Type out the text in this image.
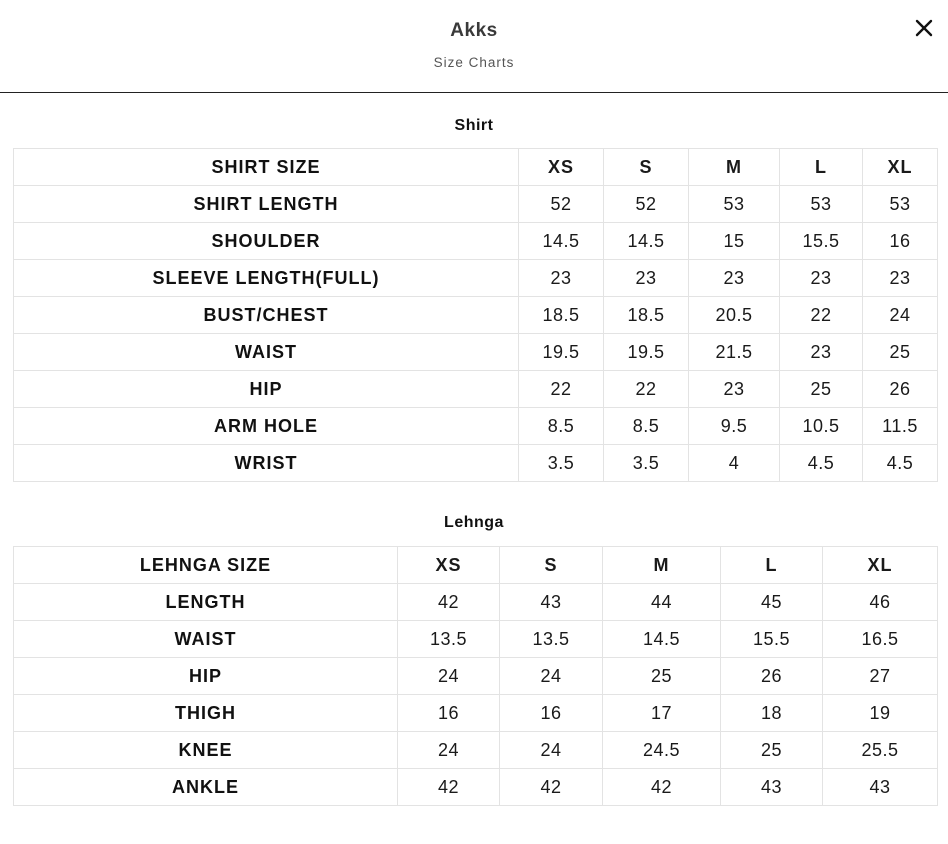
Akks
Size Charts
Shirt
SHIRT SIZE	XS	S	M	L	XL
SHIRT LENGTH	52	52	53	53	53
SHOULDER	14.5	14.5	15	15.5	16
SLEEVE LENGTH(FULL)	23	23	23	23	23
BUST/CHEST	18.5	18.5	20.5	22	24
WAIST	19.5	19.5	21.5	23	25
HIP	22	22	23	25	26
ARM HOLE	8.5	8.5	9.5	10.5	11.5
WRIST	3.5	3.5	4	4.5	4.5
Lehnga
LEHNGA SIZE	XS	S	M	L	XL
LENGTH	42	43	44	45	46
WAIST	13.5	13.5	14.5	15.5	16.5
HIP	24	24	25	26	27
THIGH	16	16	17	18	19
KNEE	24	24	24.5	25	25.5
ANKLE	42	42	42	43	43
